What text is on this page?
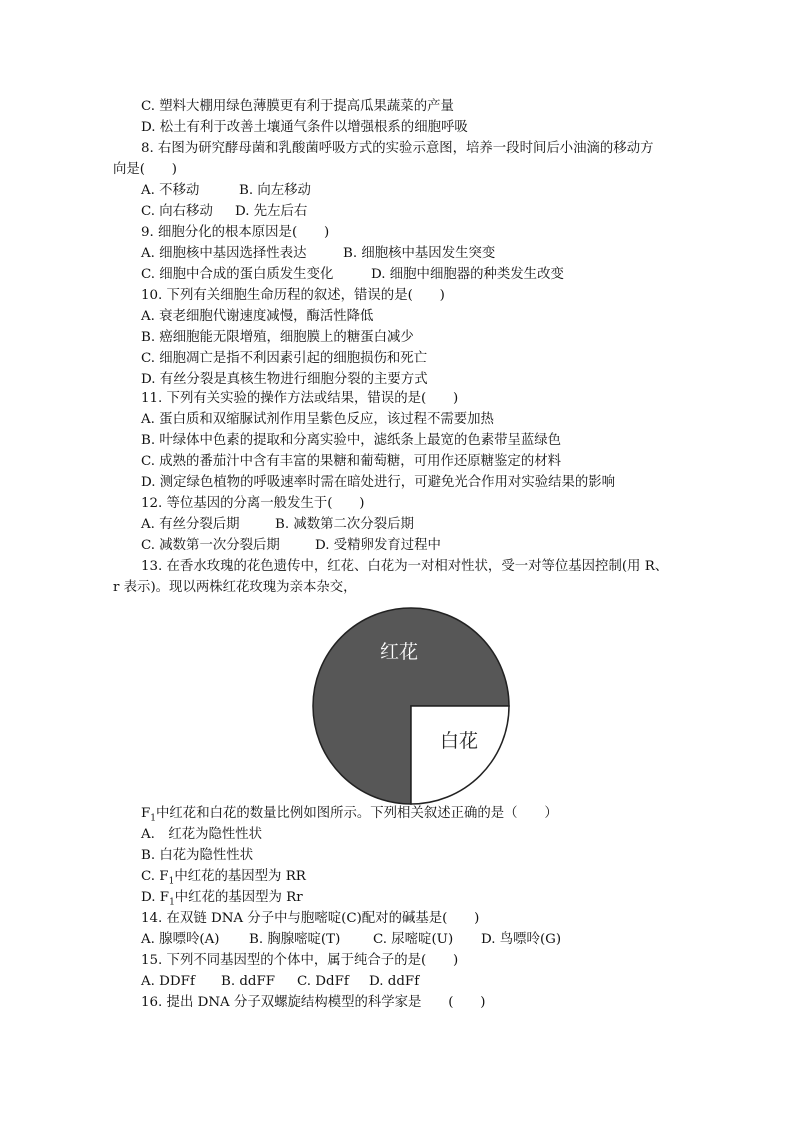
C. 塑料大棚用绿色薄膜更有利于提高瓜果蔬菜的产量
D. 松土有利于改善土壤通气条件以增强根系的细胞呼吸
8. 右图为研究酵母菌和乳酸菌呼吸方式的实验示意图，培养一段时间后小油滴的移动方
向是(　　)
A. 不移动	B. 向左移动
C. 向右移动 D. 先左后右
9. 细胞分化的根本原因是(　　)
A. 细胞核中基因选择性表达	B. 细胞核中基因发生突变
C. 细胞中合成的蛋白质发生变化	D. 细胞中细胞器的种类发生改变
10. 下列有关细胞生命历程的叙述，错误的是(　　)
A. 衰老细胞代谢速度减慢，酶活性降低
B. 癌细胞能无限增殖，细胞膜上的糖蛋白减少
C. 细胞凋亡是指不利因素引起的细胞损伤和死亡
D. 有丝分裂是真核生物进行细胞分裂的主要方式
11. 下列有关实验的操作方法或结果，错误的是(　　)
A. 蛋白质和双缩脲试剂作用呈紫色反应，该过程不需要加热
B. 叶绿体中色素的提取和分离实验中，滤纸条上最宽的色素带呈蓝绿色
C. 成熟的番茄汁中含有丰富的果糖和葡萄糖，可用作还原糖鉴定的材料
D. 测定绿色植物的呼吸速率时需在暗处进行，可避免光合作用对实验结果的影响
12. 等位基因的分离一般发生于(　　)
A. 有丝分裂后期	B. 减数第二次分裂后期
C. 减数第一次分裂后期	D. 受精卵发育过程中
13. 在香水玫瑰的花色遗传中，红花、白花为一对相对性状，受一对等位基因控制(用 R、
r 表示)。现以两株红花玫瑰为亲本杂交，
红花
白花
$F_1$中红花和白花的数量比例如图所示。下列相关叙述正确的是（　　）
A.　红花为隐性性状
B. 白花为隐性性状
C. $F_1$中红花的基因型为 RR
D. $F_1$中红花的基因型为 Rr
14. 在双链 DNA 分子中与胞嘧啶(C)配对的碱基是(　　)
A. 腺嘌呤(A) B. 胸腺嘧啶(T) C. 尿嘧啶(U) D. 鸟嘌呤(G)
15. 下列不同基因型的个体中，属于纯合子的是(　　)
A. DDFf B. ddFF C. DdFf D. ddFf
16. 提出 DNA 分子双螺旋结构模型的科学家是　　(　　)
